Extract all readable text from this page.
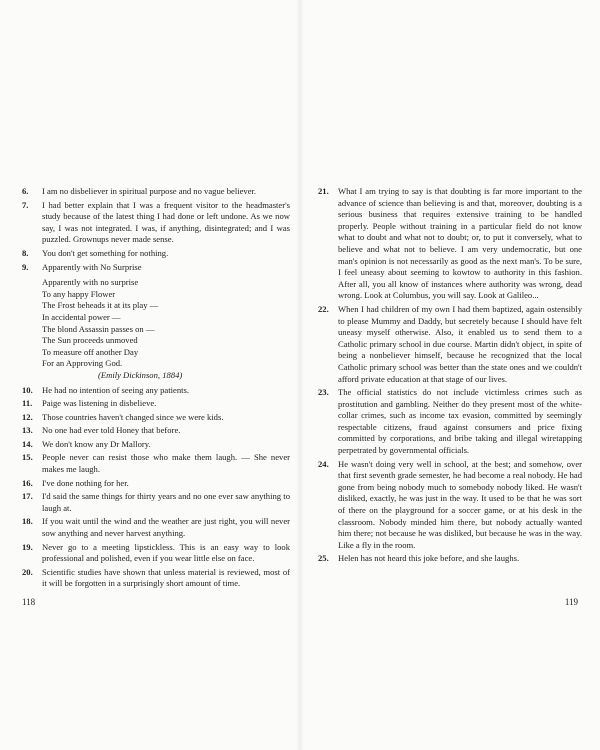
6.	I am no disbeliever in spiritual purpose and no vague believer.
7.	I had better explain that I was a frequent visitor to the headmaster's study because of the latest thing I had done or left undone. As we now say, I was not integrated. I was, if anything, disintegrated; and I was puzzled. Grownups never made sense.
8.	You don't get something for nothing.
9.	Apparently with No Surprise
Apparently with no surprise
To any happy Flower
The Frost beheads it at its play —
In accidental power —
The blond Assassin passes on —
The Sun proceeds unmoved
To measure off another Day
For an Approving God.
(Emily Dickinson, 1884)
10.	He had no intention of seeing any patients.
11.	Paige was listening in disbelieve.
12.	Those countries haven't changed since we were kids.
13.	No one had ever told Honey that before.
14.	We don't know any Dr Mallory.
15.	People never can resist those who make them laugh. — She never makes me laugh.
16.	I've done nothing for her.
17.	I'd said the same things for thirty years and no one ever saw anything to laugh at.
18.	If you wait until the wind and the weather are just right, you will never sow anything and never harvest anything.
19.	Never go to a meeting lipstickless. This is an easy way to look professional and polished, even if you wear little else on face.
20.	Scientific studies have shown that unless material is reviewed, most of it will be forgotten in a surprisingly short amount of time.
118
21.	What I am trying to say is that doubting is far more important to the advance of science than believing is and that, moreover, doubting is a serious business that requires extensive training to be handled properly. People without training in a particular field do not know what to doubt and what not to doubt; or, to put it conversely, what to believe and what not to believe. I am very undemocratic, but one man's opinion is not necessarily as good as the next man's. To be sure, I feel uneasy about seeming to kowtow to authority in this fashion. After all, you all know of instances where authority was wrong, dead wrong. Look at Columbus, you will say. Look at Galileo...
22.	When I had children of my own I had them baptized, again ostensibly to please Mummy and Daddy, but secretely because I should have felt uneasy myself otherwise. Also, it enabled us to send them to a Catholic primary school in due course. Martin didn't object, in spite of being a nonbeliever himself, because he recognized that the local Catholic primary school was better than the state ones and we couldn't afford private education at that stage of our lives.
23.	The official statistics do not include victimless crimes such as prostitution and gambling. Neither do they present most of the white-collar crimes, such as income tax evasion, committed by seemingly respectable citizens, fraud against consumers and price fixing committed by corporations, and bribe taking and illegal wiretapping perpetrated by governmental officials.
24.	He wasn't doing very well in school, at the best; and somehow, over that first seventh grade semester, he had become a real nobody. He had gone from being nobody much to somebody nobody liked. He wasn't disliked, exactly, he was just in the way. It used to be that he was sort of there on the playground for a soccer game, or at his desk in the classroom. Nobody minded him there, but nobody actually wanted him there; not because he was disliked, but because he was in the way. Like a fly in the room.
25.	Helen has not heard this joke before, and she laughs.
119
